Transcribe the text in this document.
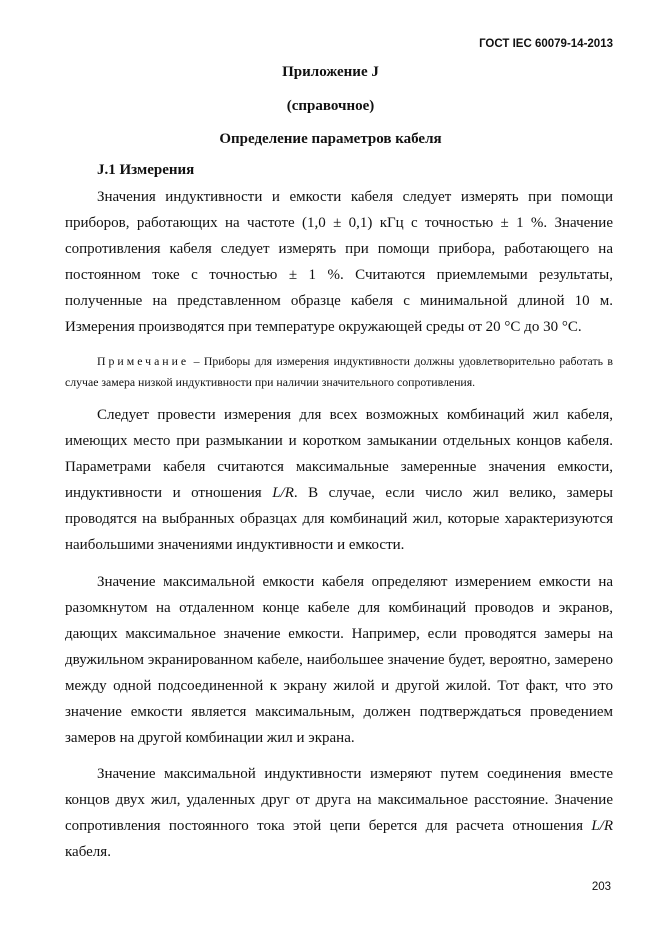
ГОСТ IEC 60079-14-2013
Приложение J
(справочное)
Определение параметров кабеля
J.1 Измерения

Значения индуктивности и емкости кабеля следует измерять при помощи приборов, работающих на частоте (1,0 ± 0,1) кГц с точностью ± 1 %. Значение сопротивления кабеля следует измерять при помощи прибора, работающего на постоянном токе с точностью ± 1 %. Считаются приемлемыми результаты, полученные на представленном образце кабеля с минимальной длиной 10 м. Измерения производятся при температуре окружающей среды от 20 °С до 30 °С.

Примечание – Приборы для измерения индуктивности должны удовлетворительно работать в случае замера низкой индуктивности при наличии значительного сопротивления.

Следует провести измерения для всех возможных комбинаций жил кабеля, имеющих место при размыкании и коротком замыкании отдельных концов кабеля. Параметрами кабеля считаются максимальные замеренные значения емкости, индуктивности и отношения L/R. В случае, если число жил велико, замеры проводятся на выбранных образцах для комбинаций жил, которые характеризуются наибольшими значениями индуктивности и емкости.

Значение максимальной емкости кабеля определяют измерением емкости на разомкнутом на отдаленном конце кабеле для комбинаций проводов и экранов, дающих максимальное значение емкости. Например, если проводятся замеры на двужильном экранированном кабеле, наибольшее значение будет, вероятно, замерено между одной подсоединенной к экрану жилой и другой жилой. Тот факт, что это значение емкости является максимальным, должен подтверждаться проведением замеров на другой комбинации жил и экрана.

Значение максимальной индуктивности измеряют путем соединения вместе концов двух жил, удаленных друг от друга на максимальное расстояние. Значение сопротивления постоянного тока этой цепи берется для расчета отношения L/R кабеля.

203
